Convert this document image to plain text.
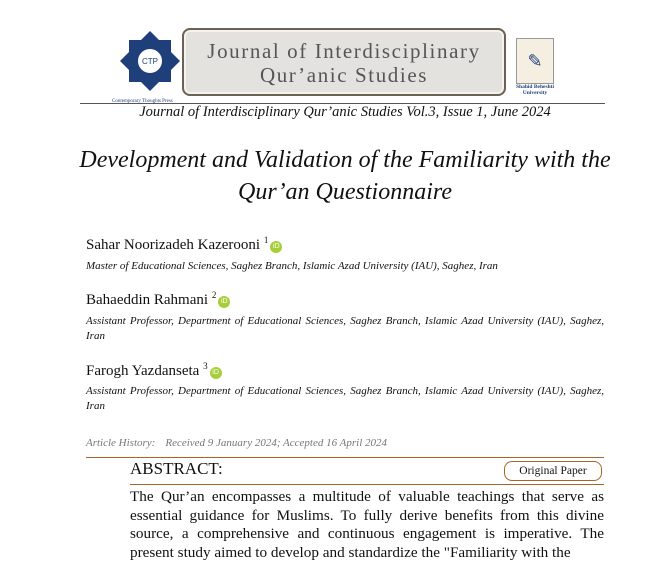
CTP
Contemporary Thoughts Press
Journal of Interdisciplinary
Qur’anic Studies
✎
Shahid Beheshti University
Journal of Interdisciplinary Qur’anic Studies Vol.3, Issue 1, June 2024
Development and Validation of the Familiarity with the Qur’an Questionnaire
Sahar Noorizadeh Kazerooni $^1$iD
Master of Educational Sciences, Saghez Branch, Islamic Azad University (IAU), Saghez, Iran
Bahaeddin Rahmani $^2$iD
Assistant Professor, Department of Educational Sciences, Saghez Branch, Islamic Azad University (IAU), Saghez, Iran
Farogh Yazdanseta $^3$iD
Assistant Professor, Department of Educational Sciences, Saghez Branch, Islamic Azad University (IAU), Saghez, Iran
Article History: Received 9 January 2024; Accepted 16 April 2024
ABSTRACT:	Original Paper
The Qur’an encompasses a multitude of valuable teachings that serve as essential guidance for Muslims. To fully derive benefits from this divine source, a comprehensive and continuous engagement is imperative. The present study aimed to develop and standardize the "Familiarity with the
